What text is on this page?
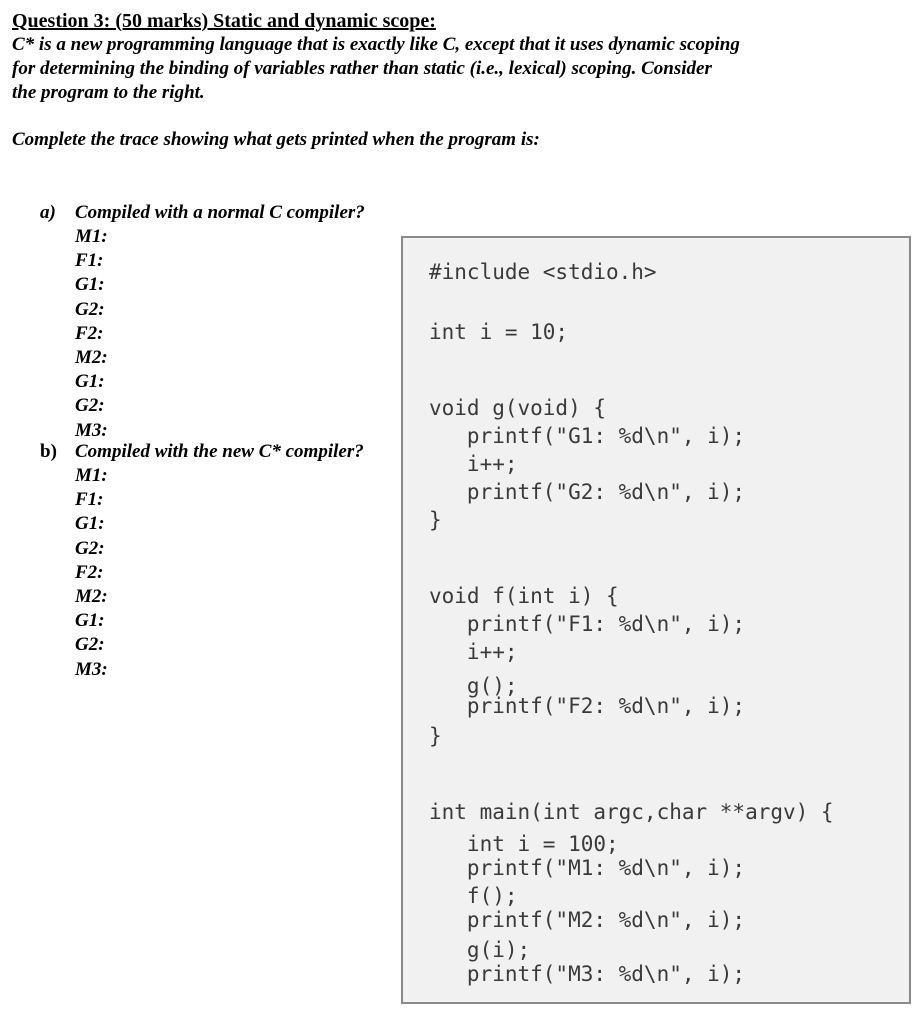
Question 3: (50 marks) Static and dynamic scope:
C* is a new programming language that is exactly like C, except that it uses dynamic scoping
for determining the binding of variables rather than static (i.e., lexical) scoping. Consider
the program to the right.
Complete the trace showing what gets printed when the program is:
a) Compiled with a normal C compiler?
M1:
F1:
G1:
G2:
F2:
M2:
G1:
G2:
M3:
b) Compiled with the new C* compiler?
M1:
F1:
G1:
G2:
F2:
M2:
G1:
G2:
M3:
#include <stdio.h>
int i = 10;
void g(void) {
printf("G1: %d\n", i);
i++;
printf("G2: %d\n", i);
}
void f(int i) {
printf("F1: %d\n", i);
i++;
g();
printf("F2: %d\n", i);
}
int main(int argc,char **argv) {
int i = 100;
printf("M1: %d\n", i);
f();
printf("M2: %d\n", i);
g(i);
printf("M3: %d\n", i);
